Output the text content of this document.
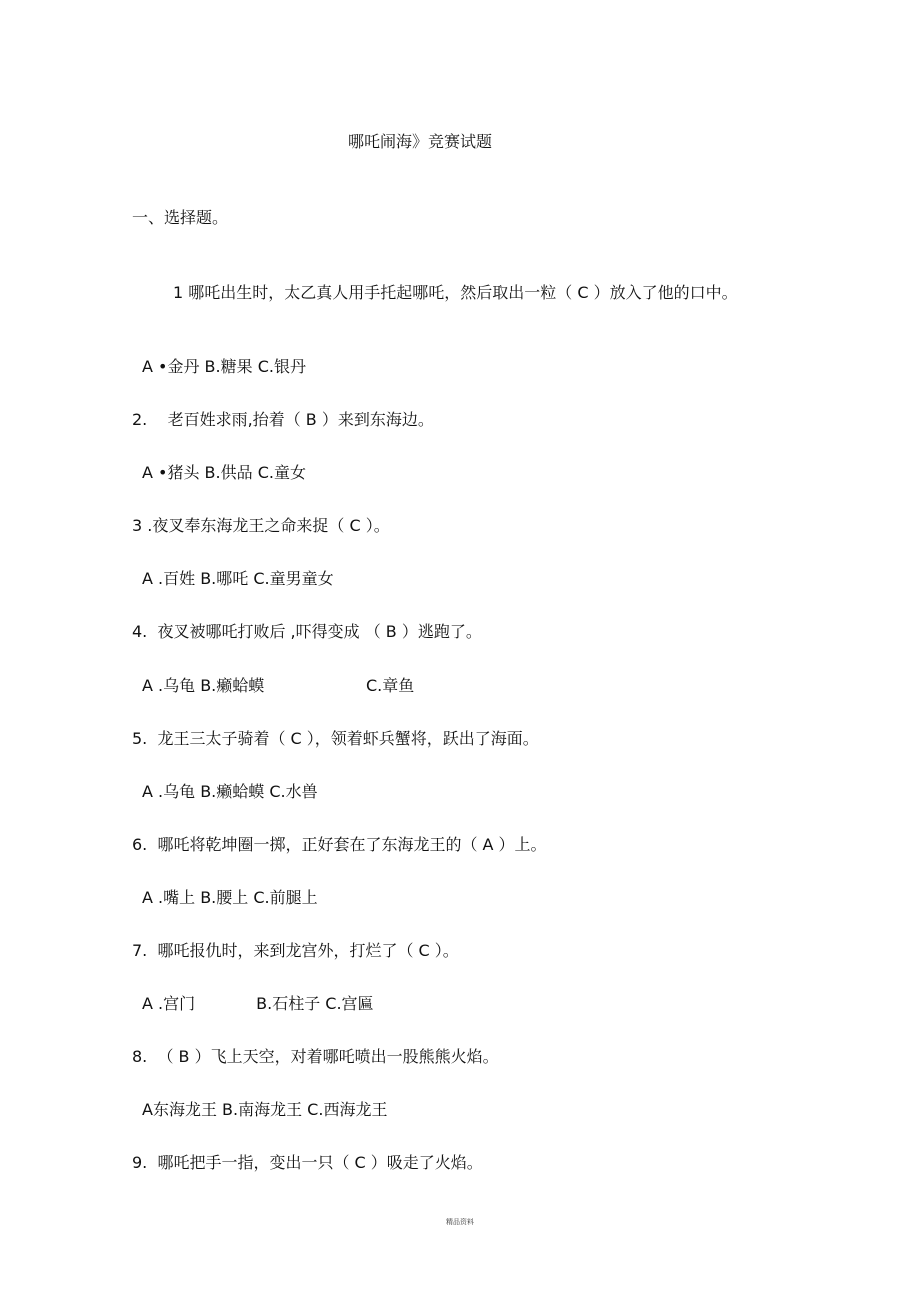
哪吒闹海》竞赛试题

一、选择题。

1 哪吒出生时，太乙真人用手托起哪吒，然后取出一粒（ C ）放入了他的口中。

A •金丹 B.糖果 C.银丹

2. 老百姓求雨,抬着（ B ）来到东海边。

A •猪头 B.供品 C.童女

3 .夜叉奉东海龙王之命来捉（ C ）。

A .百姓 B.哪吒 C.童男童女

4. 夜叉被哪吒打败后 ,吓得变成 （ B ）逃跑了。

A .乌龟 B.癞蛤蟆                    C.章鱼

5. 龙王三太子骑着（ C ），领着虾兵蟹将，跃出了海面。

A .乌龟 B.癞蛤蟆 C.水兽

6. 哪吒将乾坤圈一掷，正好套在了东海龙王的（ A ）上。

A .嘴上 B.腰上 C.前腿上

7. 哪吒报仇时，来到龙宫外，打烂了（ C ）。

A .宫门            B.石柱子 C.宫匾

8. （ B ）飞上天空，对着哪吒喷出一股熊熊火焰。

A东海龙王 B.南海龙王 C.西海龙王

9. 哪吒把手一指，变出一只（ C ）吸走了火焰。

精品资料
